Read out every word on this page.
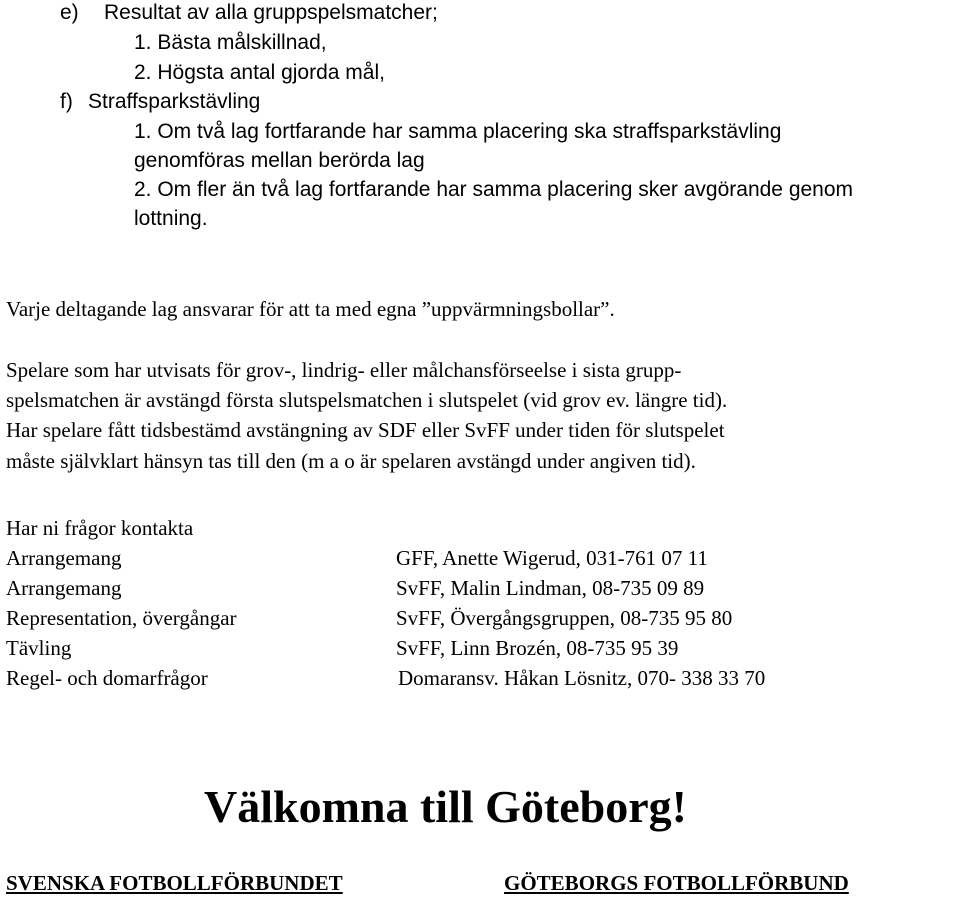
e) Resultat av alla gruppspelsmatcher;

1. Bästa målskillnad,

2. Högsta antal gjorda mål,

f) Straffsparkstävling

1. Om två lag fortfarande har samma placering ska straffsparkstävling

genomföras mellan berörda lag

2. Om fler än två lag fortfarande har samma placering sker avgörande genom

lottning.

Varje deltagande lag ansvarar för att ta med egna ”uppvärmningsbollar”.

Spelare som har utvisats för grov-, lindrig- eller målchansförseelse i sista grupp-

spelsmatchen är avstängd första slutspelsmatchen i slutspelet (vid grov ev. längre tid).

Har spelare fått tidsbestämd avstängning av SDF eller SvFF under tiden för slutspelet

måste självklart hänsyn tas till den (m a o är spelaren avstängd under angiven tid).

Har ni frågor kontakta

Arrangemang	GFF, Anette Wigerud, 031-761 07 11

Arrangemang	SvFF, Malin Lindman, 08-735 09 89

Representation, övergångar	SvFF, Övergångsgruppen, 08-735 95 80

Tävling	SvFF, Linn Brozén, 08-735 95 39

Regel- och domarfrågor	Domaransv. Håkan Lösnitz, 070- 338 33 70

Välkomna till Göteborg!

SVENSKA FOTBOLLFÖRBUNDET	GÖTEBORGS FOTBOLLFÖRBUND
